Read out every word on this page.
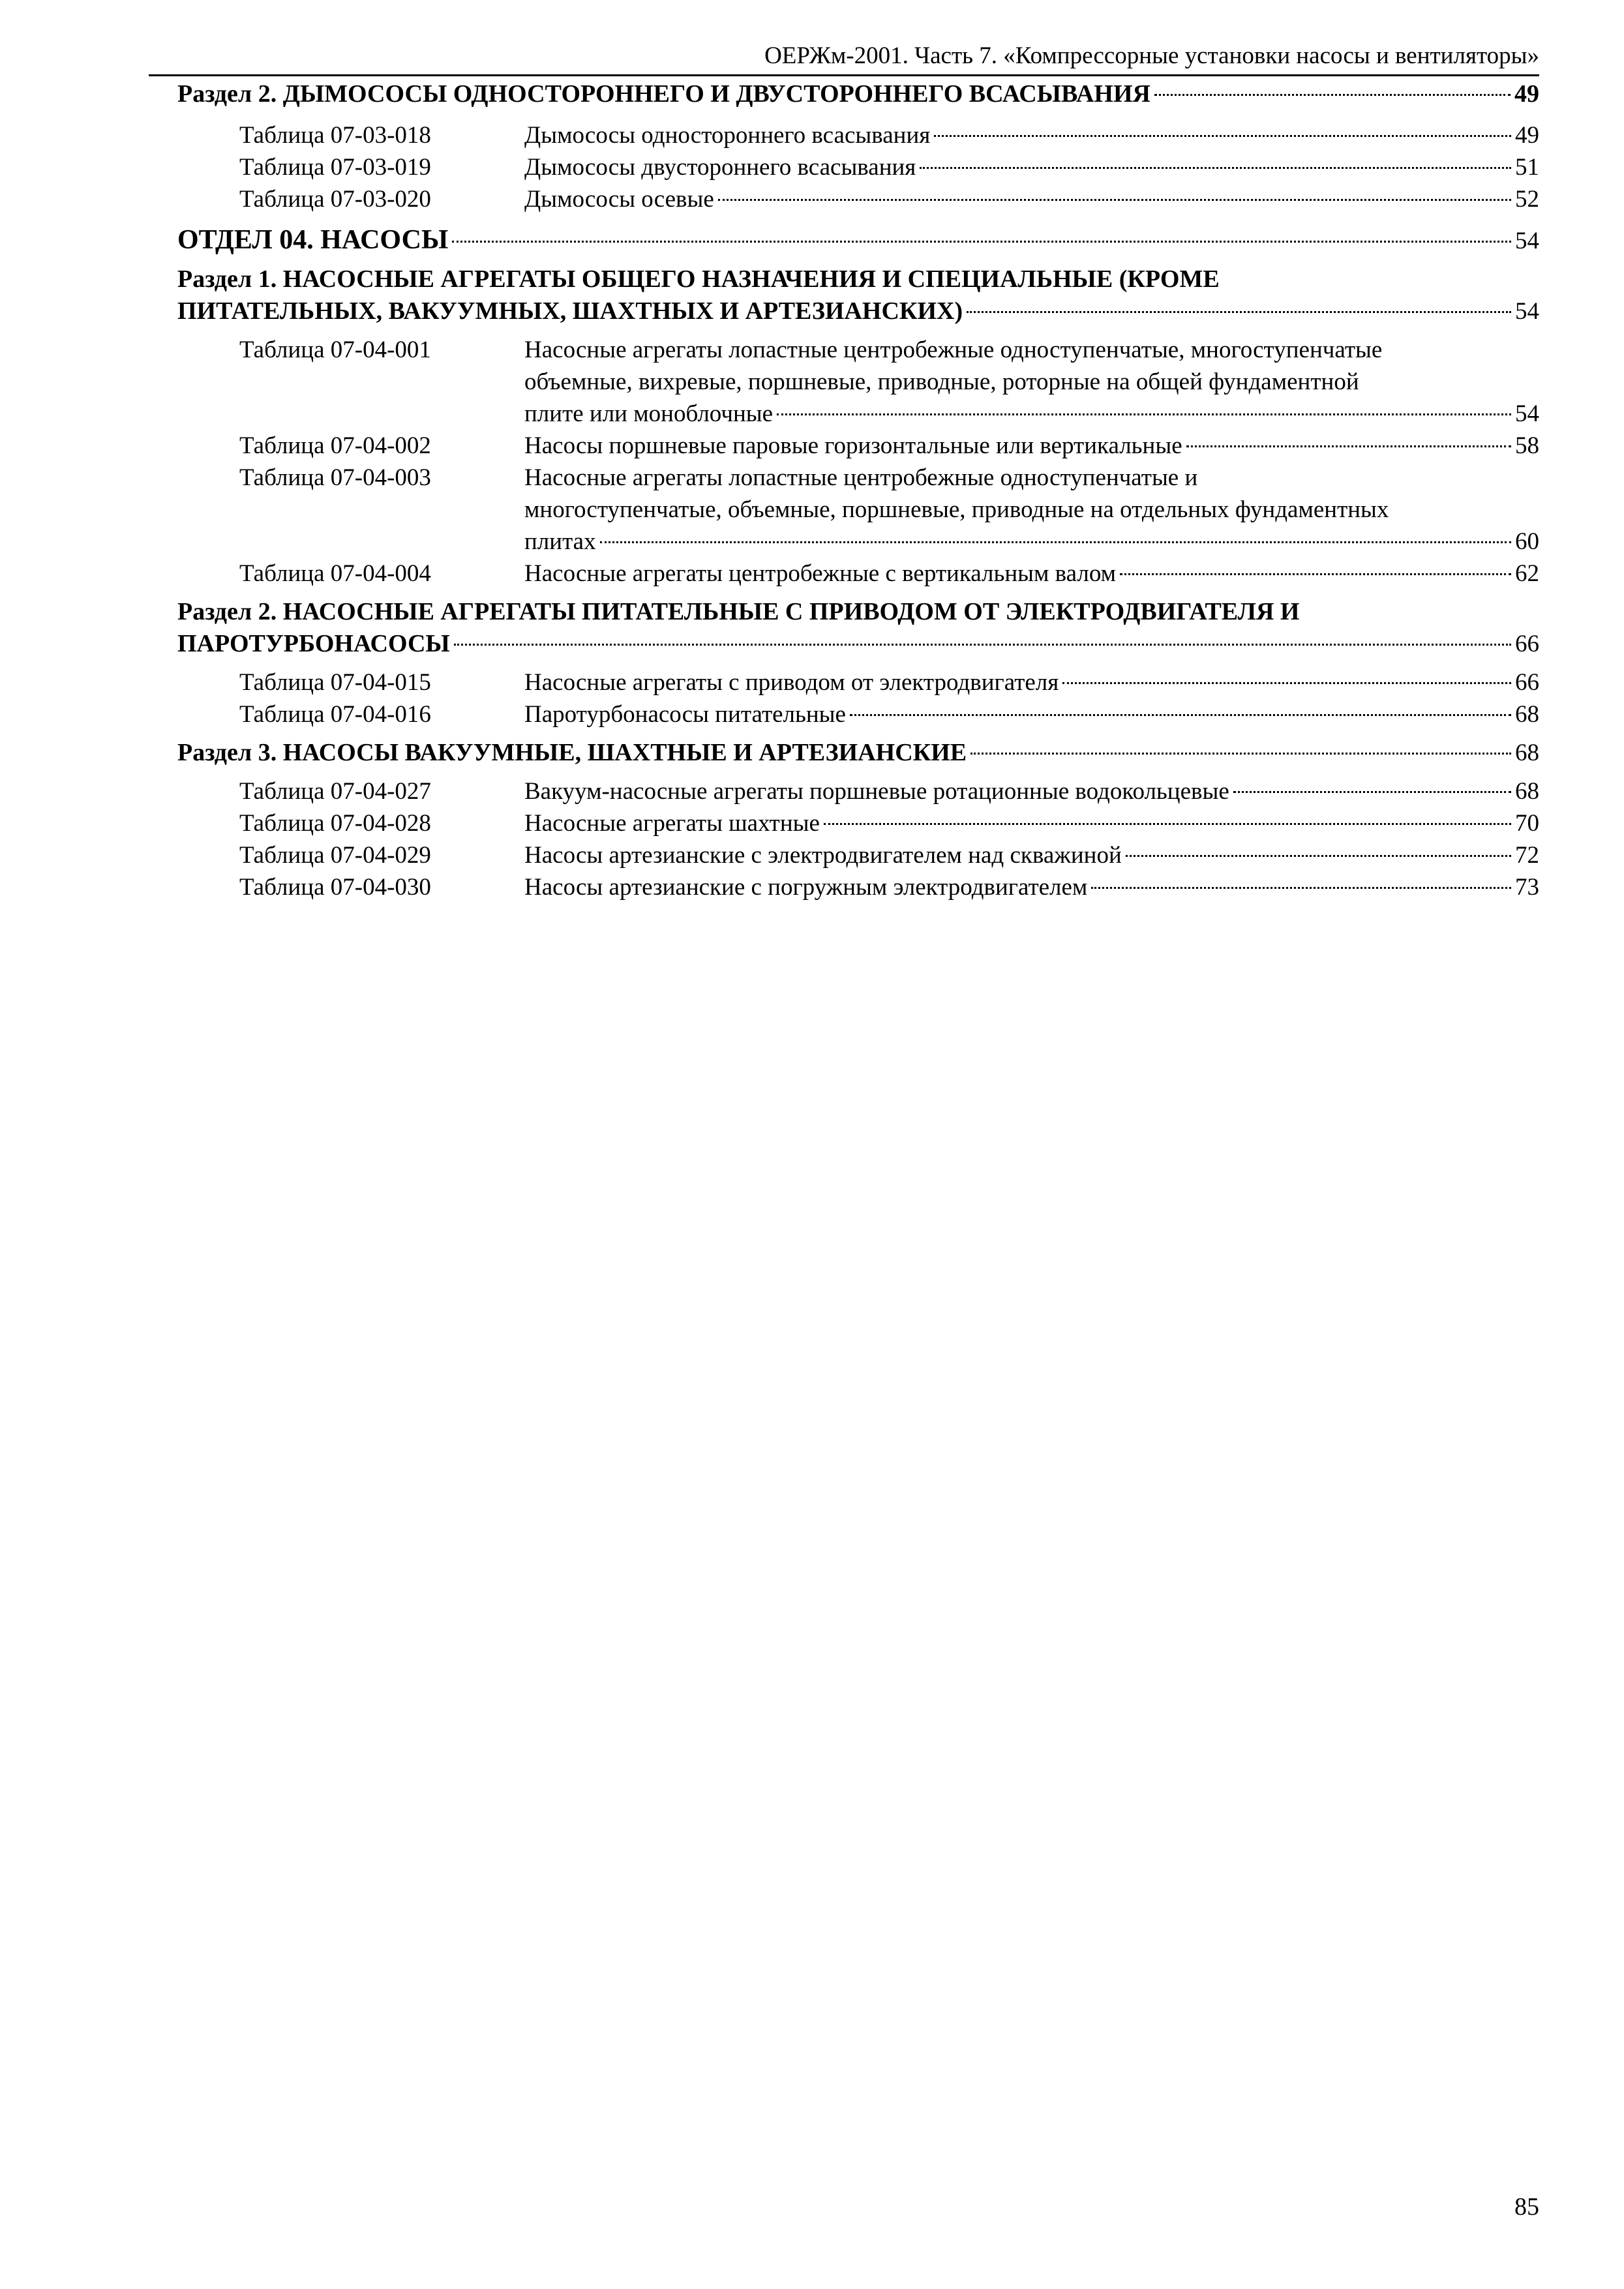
ОЕРЖм-2001. Часть 7. «Компрессорные установки насосы и вентиляторы»
Раздел 2. ДЫМОСОСЫ ОДНОСТОРОННЕГО И ДВУСТОРОННЕГО ВСАСЫВАНИЯ	49
Таблица 07-03-018	Дымососы одностороннего всасывания	49
Таблица 07-03-019	Дымососы двустороннего всасывания	51
Таблица 07-03-020	Дымососы осевые	52
ОТДЕЛ 04. НАСОСЫ	54
Раздел 1. НАСОСНЫЕ АГРЕГАТЫ ОБЩЕГО НАЗНАЧЕНИЯ И СПЕЦИАЛЬНЫЕ (КРОМЕ
ПИТАТЕЛЬНЫХ, ВАКУУМНЫХ, ШАХТНЫХ И АРТЕЗИАНСКИХ)	54
Таблица 07-04-001	Насосные агрегаты лопастные центробежные одноступенчатые, многоступенчатые
объемные, вихревые, поршневые, приводные, роторные на общей фундаментной
плите или моноблочные	54
Таблица 07-04-002	Насосы поршневые паровые горизонтальные или вертикальные	58
Таблица 07-04-003	Насосные агрегаты лопастные центробежные одноступенчатые и
многоступенчатые, объемные, поршневые, приводные на отдельных фундаментных
плитах	60
Таблица 07-04-004	Насосные агрегаты центробежные с вертикальным валом	62
Раздел 2. НАСОСНЫЕ АГРЕГАТЫ ПИТАТЕЛЬНЫЕ С ПРИВОДОМ ОТ ЭЛЕКТРОДВИГАТЕЛЯ И
ПАРОТУРБОНАСОСЫ	66
Таблица 07-04-015	Насосные агрегаты с приводом от электродвигателя	66
Таблица 07-04-016	Паротурбонасосы питательные	68
Раздел 3. НАСОСЫ ВАКУУМНЫЕ, ШАХТНЫЕ И АРТЕЗИАНСКИЕ	68
Таблица 07-04-027	Вакуум-насосные агрегаты поршневые ротационные водокольцевые	68
Таблица 07-04-028	Насосные агрегаты шахтные	70
Таблица 07-04-029	Насосы артезианские с электродвигателем над скважиной	72
Таблица 07-04-030	Насосы артезианские с погружным электродвигателем	73
85
